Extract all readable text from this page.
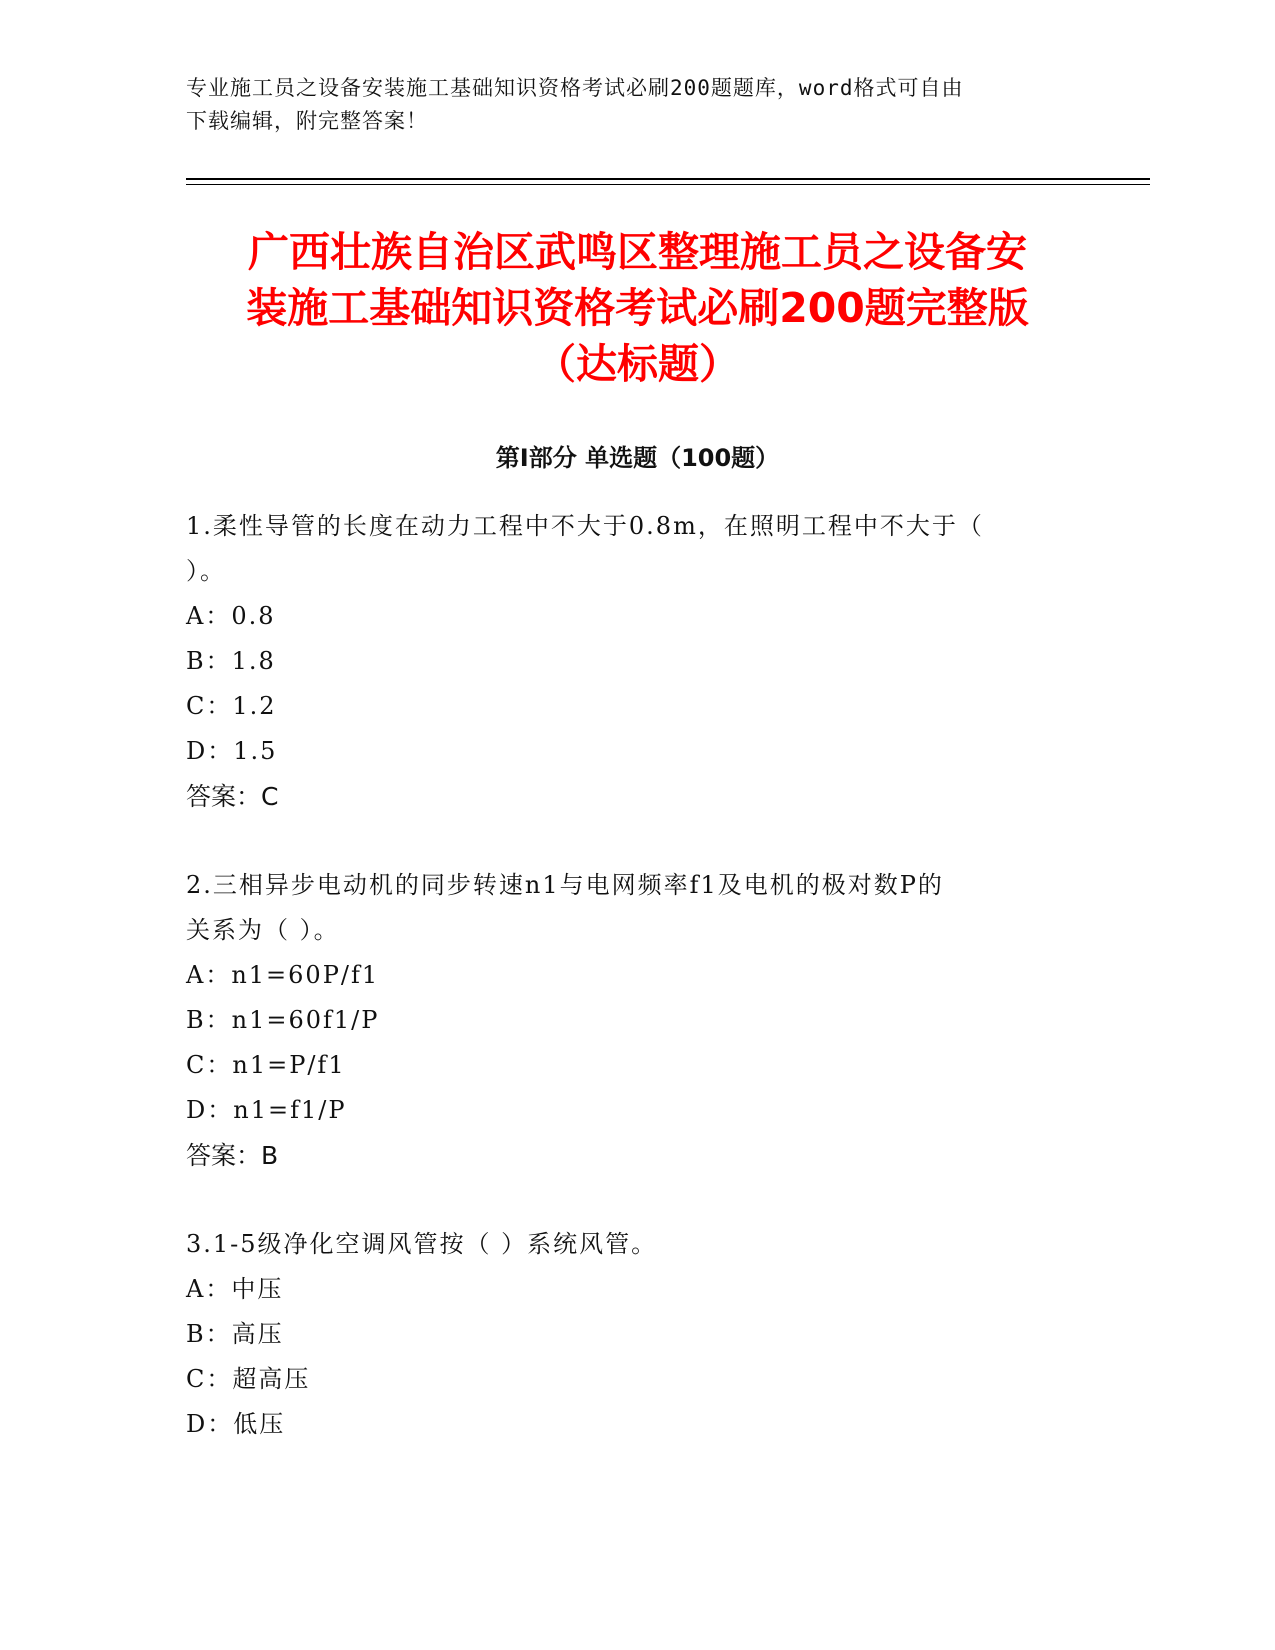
专业施工员之设备安装施工基础知识资格考试必刷200题题库，word格式可自由
下载编辑，附完整答案！
广西壮族自治区武鸣区整理施工员之设备安
装施工基础知识资格考试必刷200题完整版
（达标题）
第Ⅰ部分 单选题（100题）

1.柔性导管的长度在动力工程中不大于0.8m，在照明工程中不大于（

）。

A：0.8

B：1.8

C：1.2

D：1.5

答案：C

2.三相异步电动机的同步转速n1与电网频率f1及电机的极对数P的

关系为（ ）。

A：n1=60P/f1

B：n1=60f1/P

C：n1=P/f1

D：n1=f1/P

答案：B

3.1-5级净化空调风管按（ ）系统风管。

A：中压

B：高压

C：超高压

D：低压
